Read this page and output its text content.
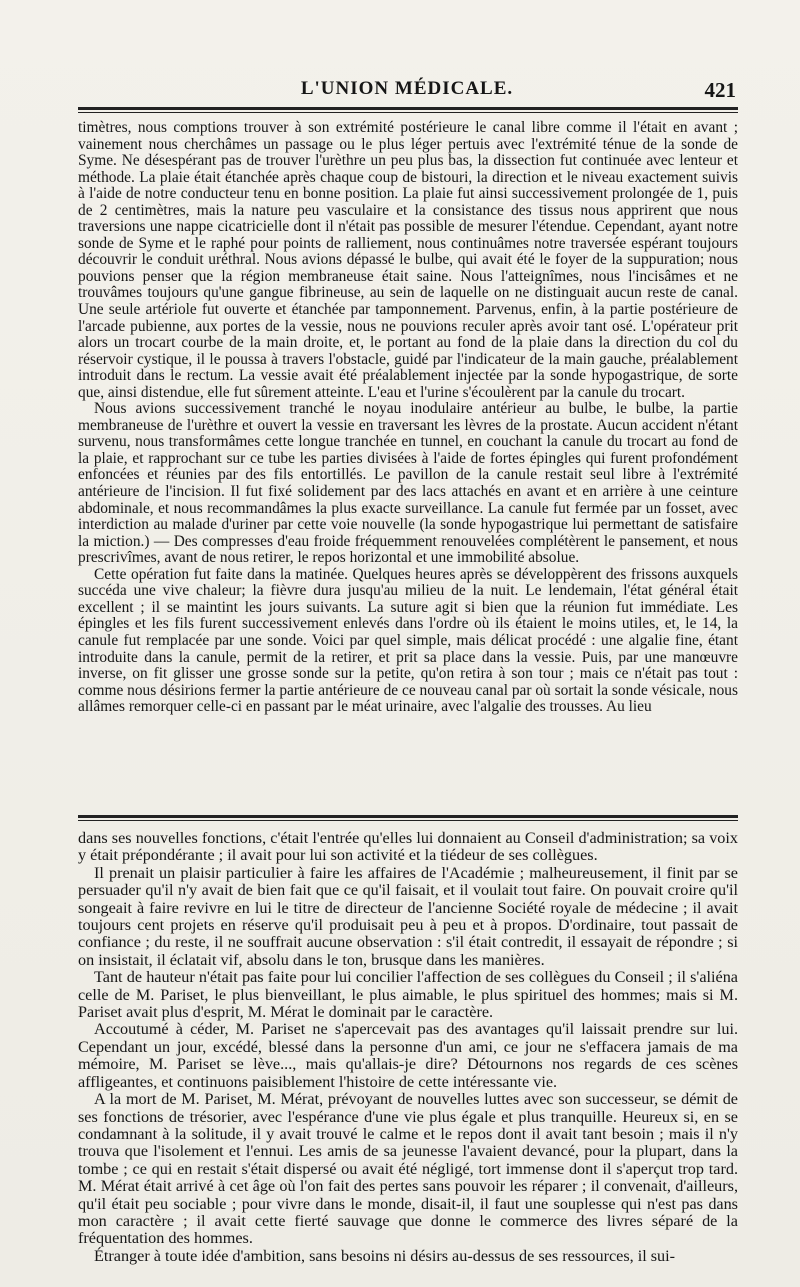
L'UNION MÉDICALE.	421

timètres, nous comptions trouver à son extrémité postérieure le canal libre comme il l'était en avant ; vainement nous cherchâmes un passage ou le plus léger pertuis avec l'extrémité ténue de la sonde de Syme. Ne désespérant pas de trouver l'urèthre un peu plus bas, la dissection fut continuée avec lenteur et méthode. La plaie était étanchée après chaque coup de bistouri, la direction et le niveau exactement suivis à l'aide de notre conducteur tenu en bonne position. La plaie fut ainsi successivement prolongée de 1, puis de 2 centimètres, mais la nature peu vasculaire et la consistance des tissus nous apprirent que nous traversions une nappe cicatricielle dont il n'était pas possible de mesurer l'étendue. Cependant, ayant notre sonde de Syme et le raphé pour points de ralliement, nous continuâmes notre traversée espérant toujours découvrir le conduit uréthral. Nous avions dépassé le bulbe, qui avait été le foyer de la suppuration; nous pouvions penser que la région membraneuse était saine. Nous l'atteignîmes, nous l'incisâmes et ne trouvâmes toujours qu'une gangue fibrineuse, au sein de laquelle on ne distinguait aucun reste de canal. Une seule artériole fut ouverte et étanchée par tamponnement. Parvenus, enfin, à la partie postérieure de l'arcade pubienne, aux portes de la vessie, nous ne pouvions reculer après avoir tant osé. L'opérateur prit alors un trocart courbe de la main droite, et, le portant au fond de la plaie dans la direction du col du réservoir cystique, il le poussa à travers l'obstacle, guidé par l'indicateur de la main gauche, préalablement introduit dans le rectum. La vessie avait été préalablement injectée par la sonde hypogastrique, de sorte que, ainsi distendue, elle fut sûrement atteinte. L'eau et l'urine s'écoulèrent par la canule du trocart.

Nous avions successivement tranché le noyau inodulaire antérieur au bulbe, le bulbe, la partie membraneuse de l'urèthre et ouvert la vessie en traversant les lèvres de la prostate. Aucun accident n'étant survenu, nous transformâmes cette longue tranchée en tunnel, en couchant la canule du trocart au fond de la plaie, et rapprochant sur ce tube les parties divisées à l'aide de fortes épingles qui furent profondément enfoncées et réunies par des fils entortillés. Le pavillon de la canule restait seul libre à l'extrémité antérieure de l'incision. Il fut fixé solidement par des lacs attachés en avant et en arrière à une ceinture abdominale, et nous recommandâmes la plus exacte surveillance. La canule fut fermée par un fosset, avec interdiction au malade d'uriner par cette voie nouvelle (la sonde hypogastrique lui permettant de satisfaire la miction.) — Des compresses d'eau froide fréquemment renouvelées complétèrent le pansement, et nous prescrivîmes, avant de nous retirer, le repos horizontal et une immobilité absolue.

Cette opération fut faite dans la matinée. Quelques heures après se développèrent des frissons auxquels succéda une vive chaleur; la fièvre dura jusqu'au milieu de la nuit. Le lendemain, l'état général était excellent ; il se maintint les jours suivants. La suture agit si bien que la réunion fut immédiate. Les épingles et les fils furent successivement enlevés dans l'ordre où ils étaient le moins utiles, et, le 14, la canule fut remplacée par une sonde. Voici par quel simple, mais délicat procédé : une algalie fine, étant introduite dans la canule, permit de la retirer, et prit sa place dans la vessie. Puis, par une manœuvre inverse, on fit glisser une grosse sonde sur la petite, qu'on retira à son tour ; mais ce n'était pas tout : comme nous désirions fermer la partie antérieure de ce nouveau canal par où sortait la sonde vésicale, nous allâmes remorquer celle-ci en passant par le méat urinaire, avec l'algalie des trousses. Au lieu

dans ses nouvelles fonctions, c'était l'entrée qu'elles lui donnaient au Conseil d'administration; sa voix y était prépondérante ; il avait pour lui son activité et la tiédeur de ses collègues.

Il prenait un plaisir particulier à faire les affaires de l'Académie ; malheureusement, il finit par se persuader qu'il n'y avait de bien fait que ce qu'il faisait, et il voulait tout faire. On pouvait croire qu'il songeait à faire revivre en lui le titre de directeur de l'ancienne Société royale de médecine ; il avait toujours cent projets en réserve qu'il produisait peu à peu et à propos. D'ordinaire, tout passait de confiance ; du reste, il ne souffrait aucune observation : s'il était contredit, il essayait de répondre ; si on insistait, il éclatait vif, absolu dans le ton, brusque dans les manières.

Tant de hauteur n'était pas faite pour lui concilier l'affection de ses collègues du Conseil ; il s'aliéna celle de M. Pariset, le plus bienveillant, le plus aimable, le plus spirituel des hommes; mais si M. Pariset avait plus d'esprit, M. Mérat le dominait par le caractère.

Accoutumé à céder, M. Pariset ne s'apercevait pas des avantages qu'il laissait prendre sur lui. Cependant un jour, excédé, blessé dans la personne d'un ami, ce jour ne s'effacera jamais de ma mémoire, M. Pariset se lève..., mais qu'allais-je dire? Détournons nos regards de ces scènes affligeantes, et continuons paisiblement l'histoire de cette intéressante vie.

A la mort de M. Pariset, M. Mérat, prévoyant de nouvelles luttes avec son successeur, se démit de ses fonctions de trésorier, avec l'espérance d'une vie plus égale et plus tranquille. Heureux si, en se condamnant à la solitude, il y avait trouvé le calme et le repos dont il avait tant besoin ; mais il n'y trouva que l'isolement et l'ennui. Les amis de sa jeunesse l'avaient devancé, pour la plupart, dans la tombe ; ce qui en restait s'était dispersé ou avait été négligé, tort immense dont il s'aperçut trop tard. M. Mérat était arrivé à cet âge où l'on fait des pertes sans pouvoir les réparer ; il convenait, d'ailleurs, qu'il était peu sociable ; pour vivre dans le monde, disait-il, il faut une souplesse qui n'est pas dans mon caractère ; il avait cette fierté sauvage que donne le commerce des livres séparé de la fréquentation des hommes.

Étranger à toute idée d'ambition, sans besoins ni désirs au-dessus de ses ressources, il sui-
